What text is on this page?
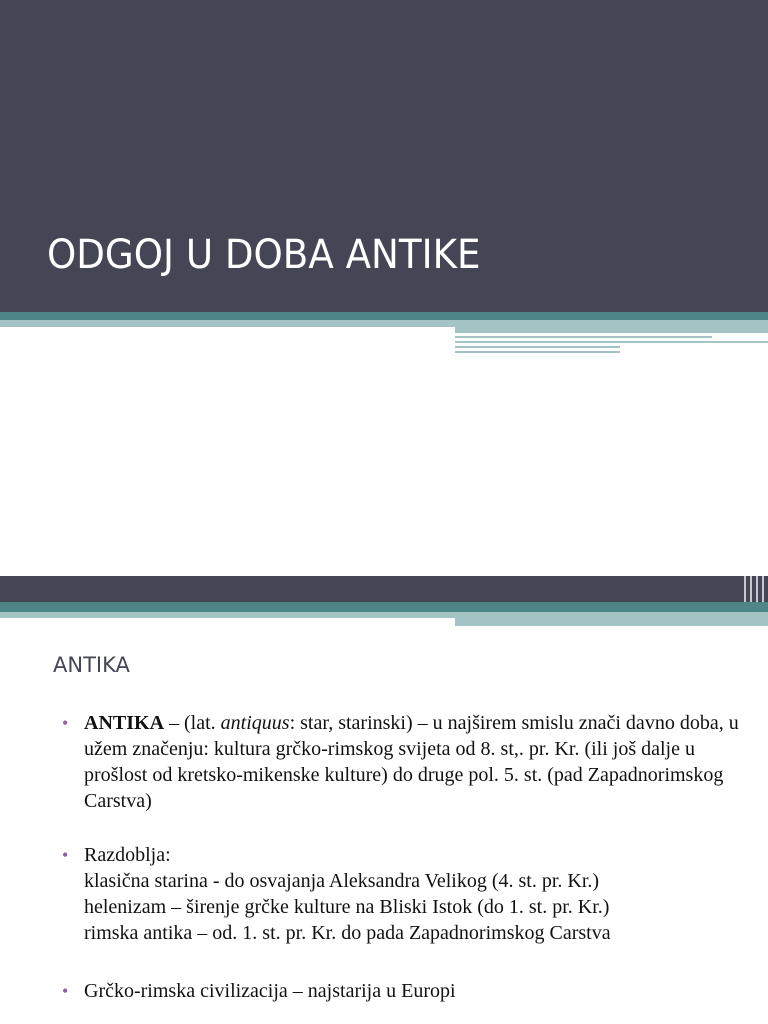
ODGOJ U DOBA ANTIKE
ANTIKA
• ANTIKA – (lat. antiquus: star, starinski) – u najširem smislu znači davno doba, u užem značenju: kultura grčko-rimskog svijeta od 8. st,. pr. Kr. (ili još dalje u prošlost od kretsko-mikenske kulture) do druge pol. 5. st. (pad Zapadnorimskog Carstva)
• Razdoblja:
klasična starina - do osvajanja Aleksandra Velikog (4. st. pr. Kr.)
helenizam – širenje grčke kulture na Bliski Istok (do 1. st. pr. Kr.)
rimska antika – od. 1. st. pr. Kr. do pada Zapadnorimskog Carstva
• Grčko-rimska civilizacija – najstarija u Europi
